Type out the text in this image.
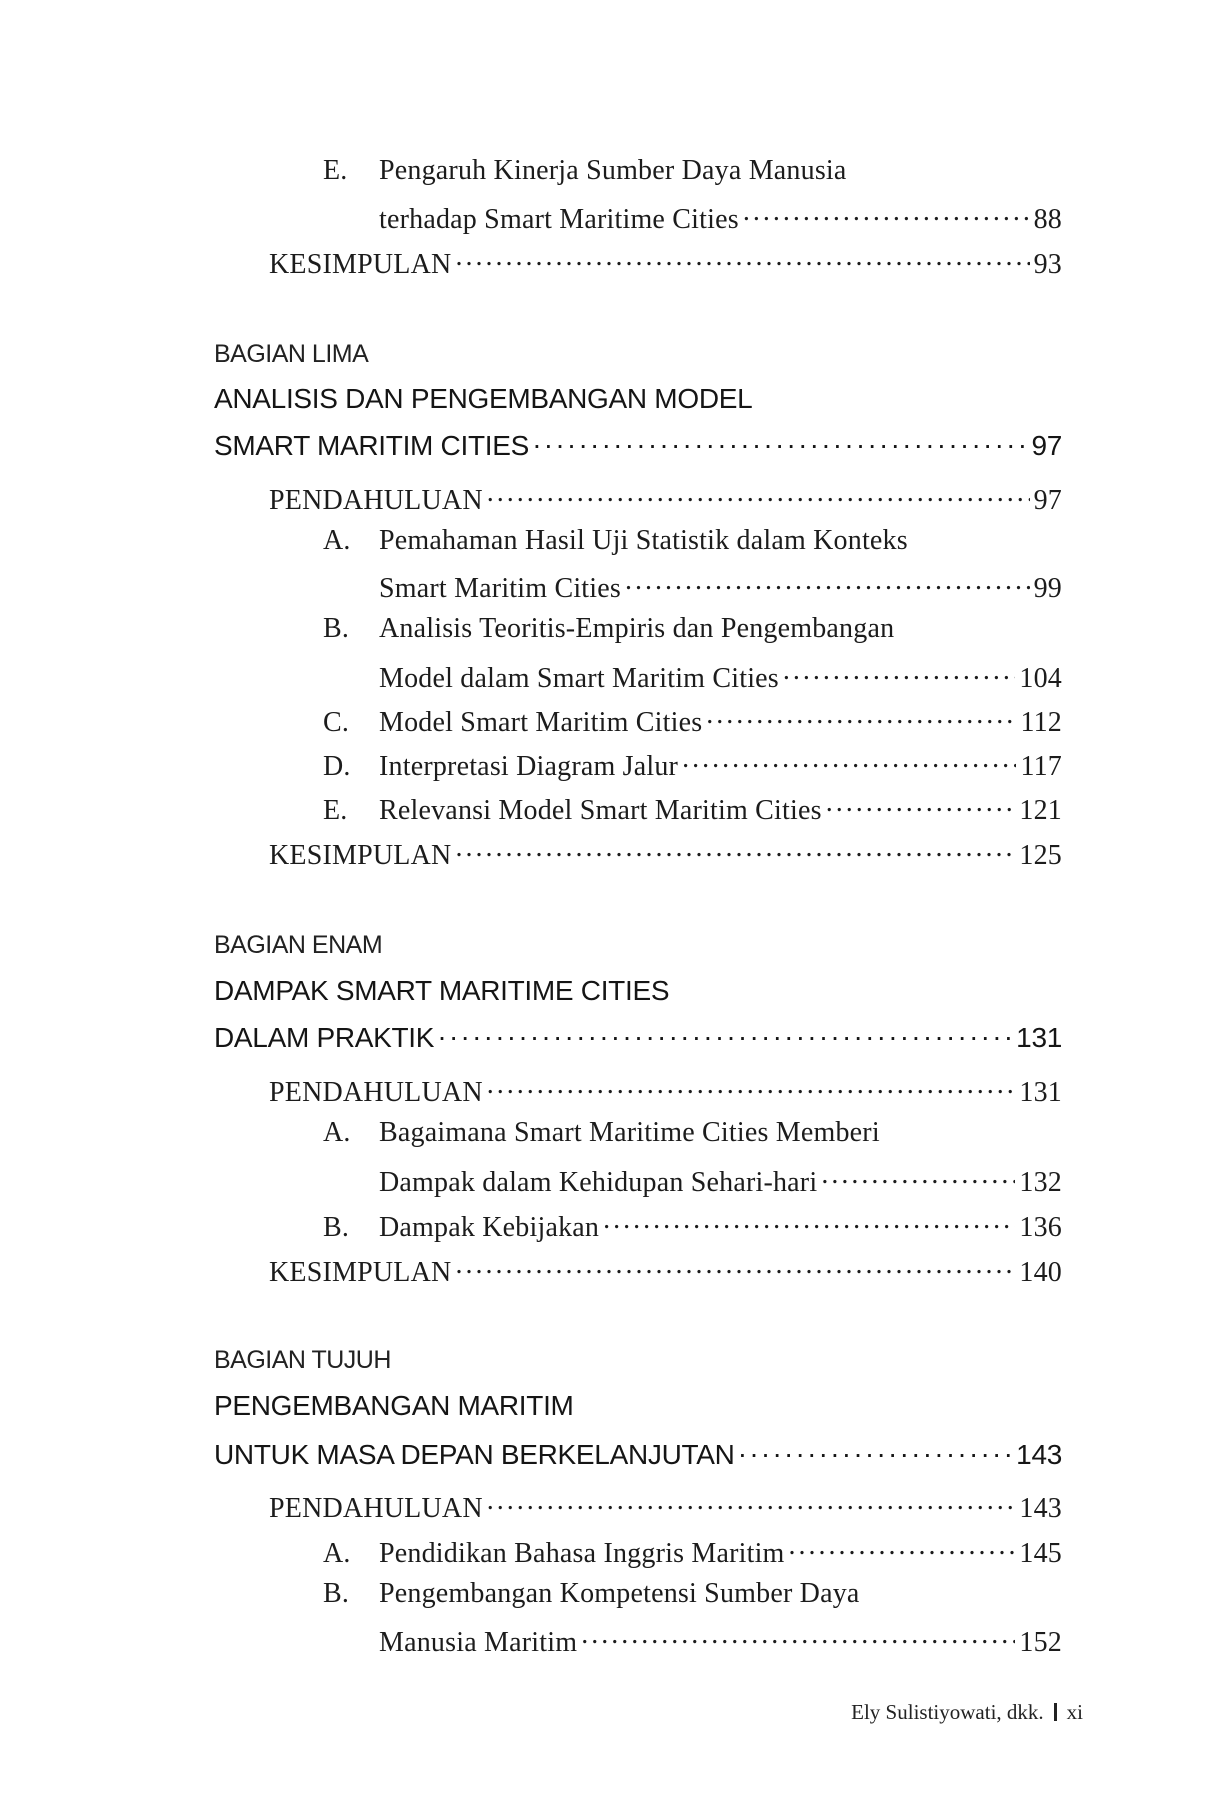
E.	Pengaruh Kinerja Sumber Daya Manusia
terhadap Smart Maritime Cities . . .	88
KESIMPULAN . . .	93
BAGIAN LIMA
ANALISIS DAN PENGEMBANGAN MODEL
SMART MARITIM CITIES . . .	97
PENDAHULUAN . . .	97
A.	Pemahaman Hasil Uji Statistik dalam Konteks
Smart Maritim Cities . . .	99
B.	Analisis Teoritis-Empiris dan Pengembangan
Model dalam Smart Maritim Cities . . .	104
C.	Model Smart Maritim Cities . . .	112
D.	Interpretasi Diagram Jalur . . .	117
E.	Relevansi Model Smart Maritim Cities . . .	121
KESIMPULAN . . .	125
BAGIAN ENAM
DAMPAK SMART MARITIME CITIES
DALAM PRAKTIK . . .	131
PENDAHULUAN . . .	131
A.	Bagaimana Smart Maritime Cities Memberi
Dampak dalam Kehidupan Sehari-hari . . .	132
B.	Dampak Kebijakan . . .	136
KESIMPULAN . . .	140
BAGIAN TUJUH
PENGEMBANGAN MARITIM
UNTUK MASA DEPAN BERKELANJUTAN . . .	143
PENDAHULUAN . . .	143
A.	Pendidikan Bahasa Inggris Maritim . . .	145
B.	Pengembangan Kompetensi Sumber Daya
Manusia Maritim . . .	152
Ely Sulistiyowati, dkk. xi
